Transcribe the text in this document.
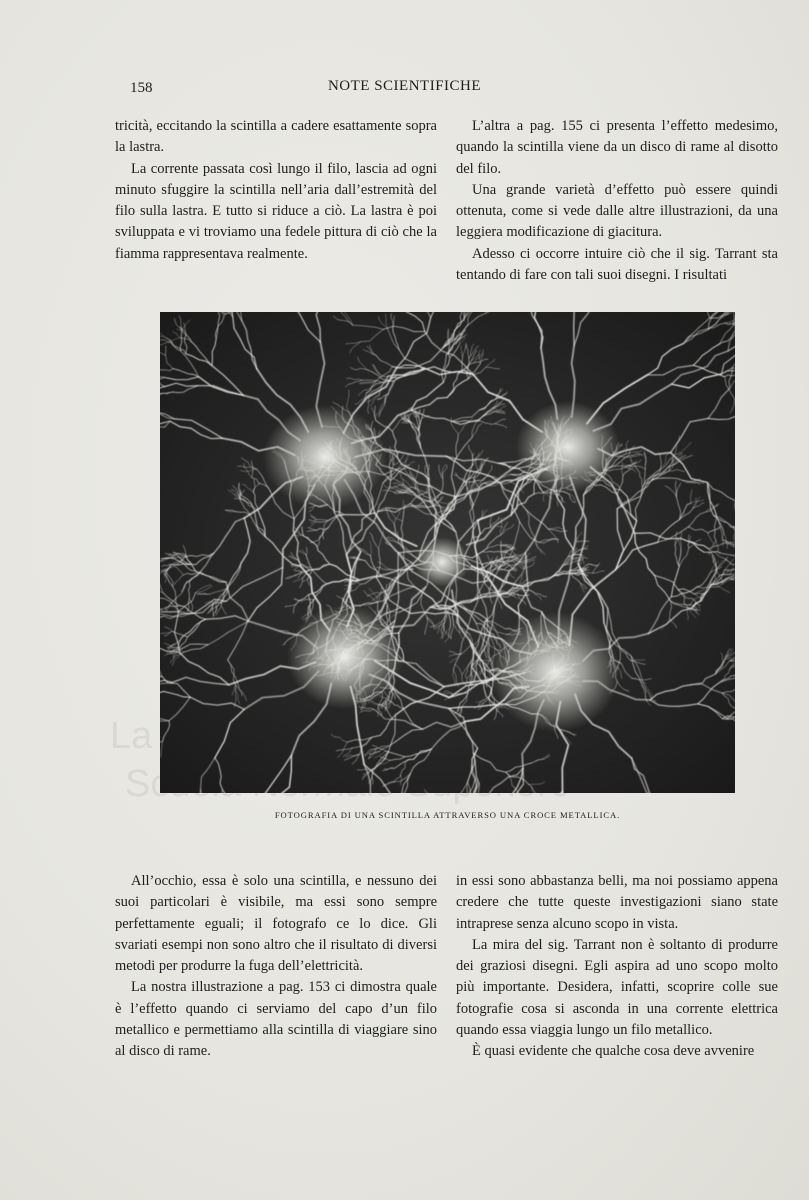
158	NOTE SCIENTIFICHE

tricità, eccitando la scintilla a cadere esattamente sopra la lastra.

La corrente passata così lungo il filo, lascia ad ogni minuto sfuggire la scintilla nell’aria dall’estremità del filo sulla lastra. E tutto si riduce a ciò. La lastra è poi sviluppata e vi troviamo una fedele pittura di ciò che la fiamma rappresentava realmente.

L’altra a pag. 155 ci presenta l’effetto medesimo, quando la scintilla viene da un disco di rame al disotto del filo.

Una grande varietà d’effetto può essere quindi ottenuta, come si vede dalle altre illustrazioni, da una leggiera modificazione di giacitura.

Adesso ci occorre intuire ciò che il sig. Tarrant sta tentando di fare con tali suoi disegni. I risultati

La
FOTOGRAFIA DI UNA SCINTILLA ATTRAVERSO UNA CROCE METALLICA.

All’occhio, essa è solo una scintilla, e nessuno dei suoi particolari è visibile, ma essi sono sempre perfettamente eguali; il fotografo ce lo dice. Gli svariati esempi non sono altro che il risultato di diversi metodi per produrre la fuga dell’elettricità.

La nostra illustrazione a pag. 153 ci dimostra quale è l’effetto quando ci serviamo del capo d’un filo metallico e permettiamo alla scintilla di viaggiare sino al disco di rame.

in essi sono abbastanza belli, ma noi possiamo appena credere che tutte queste investigazioni siano state intraprese senza alcuno scopo in vista.

La mira del sig. Tarrant non è soltanto di produrre dei graziosi disegni. Egli aspira ad uno scopo molto più importante. Desidera, infatti, scoprire colle sue fotografie cosa si asconda in una corrente elettrica quando essa viaggia lungo un filo metallico.

È quasi evidente che qualche cosa deve avvenire
